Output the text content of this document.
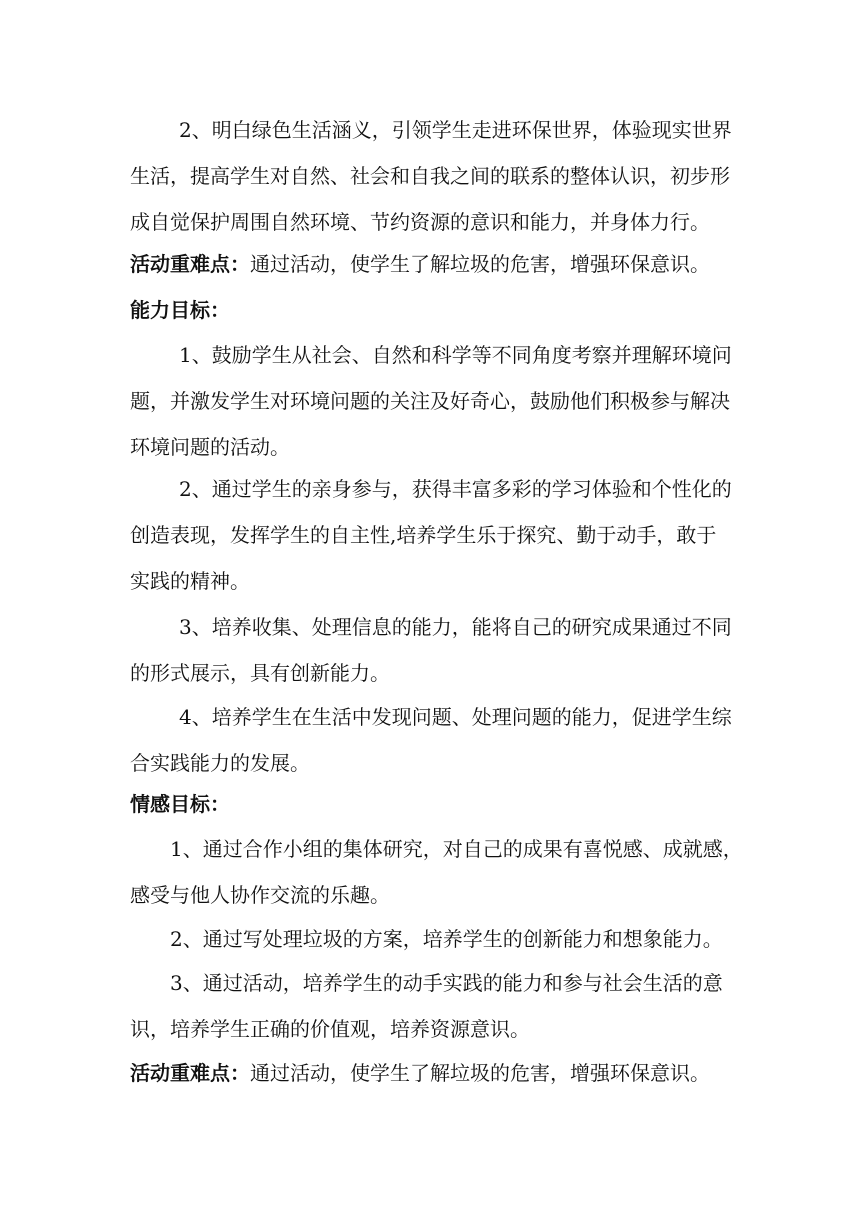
2、明白绿色生活涵义，引领学生走进环保世界，体验现实世界
生活，提高学生对自然、社会和自我之间的联系的整体认识，初步形
成自觉保护周围自然环境、节约资源的意识和能力，并身体力行。
活动重难点：通过活动，使学生了解垃圾的危害，增强环保意识。
能力目标：
1、鼓励学生从社会、自然和科学等不同角度考察并理解环境问
题，并激发学生对环境问题的关注及好奇心，鼓励他们积极参与解决
环境问题的活动。
2、通过学生的亲身参与，获得丰富多彩的学习体验和个性化的
创造表现，发挥学生的自主性,培养学生乐于探究、勤于动手，敢于
实践的精神。
3、培养收集、处理信息的能力，能将自己的研究成果通过不同
的形式展示，具有创新能力。
4、培养学生在生活中发现问题、处理问题的能力，促进学生综
合实践能力的发展。
情感目标：
1、通过合作小组的集体研究，对自己的成果有喜悦感、成就感，
感受与他人协作交流的乐趣。
2、通过写处理垃圾的方案，培养学生的创新能力和想象能力。
3、通过活动，培养学生的动手实践的能力和参与社会生活的意
识，培养学生正确的价值观，培养资源意识。
活动重难点：通过活动，使学生了解垃圾的危害，增强环保意识。
